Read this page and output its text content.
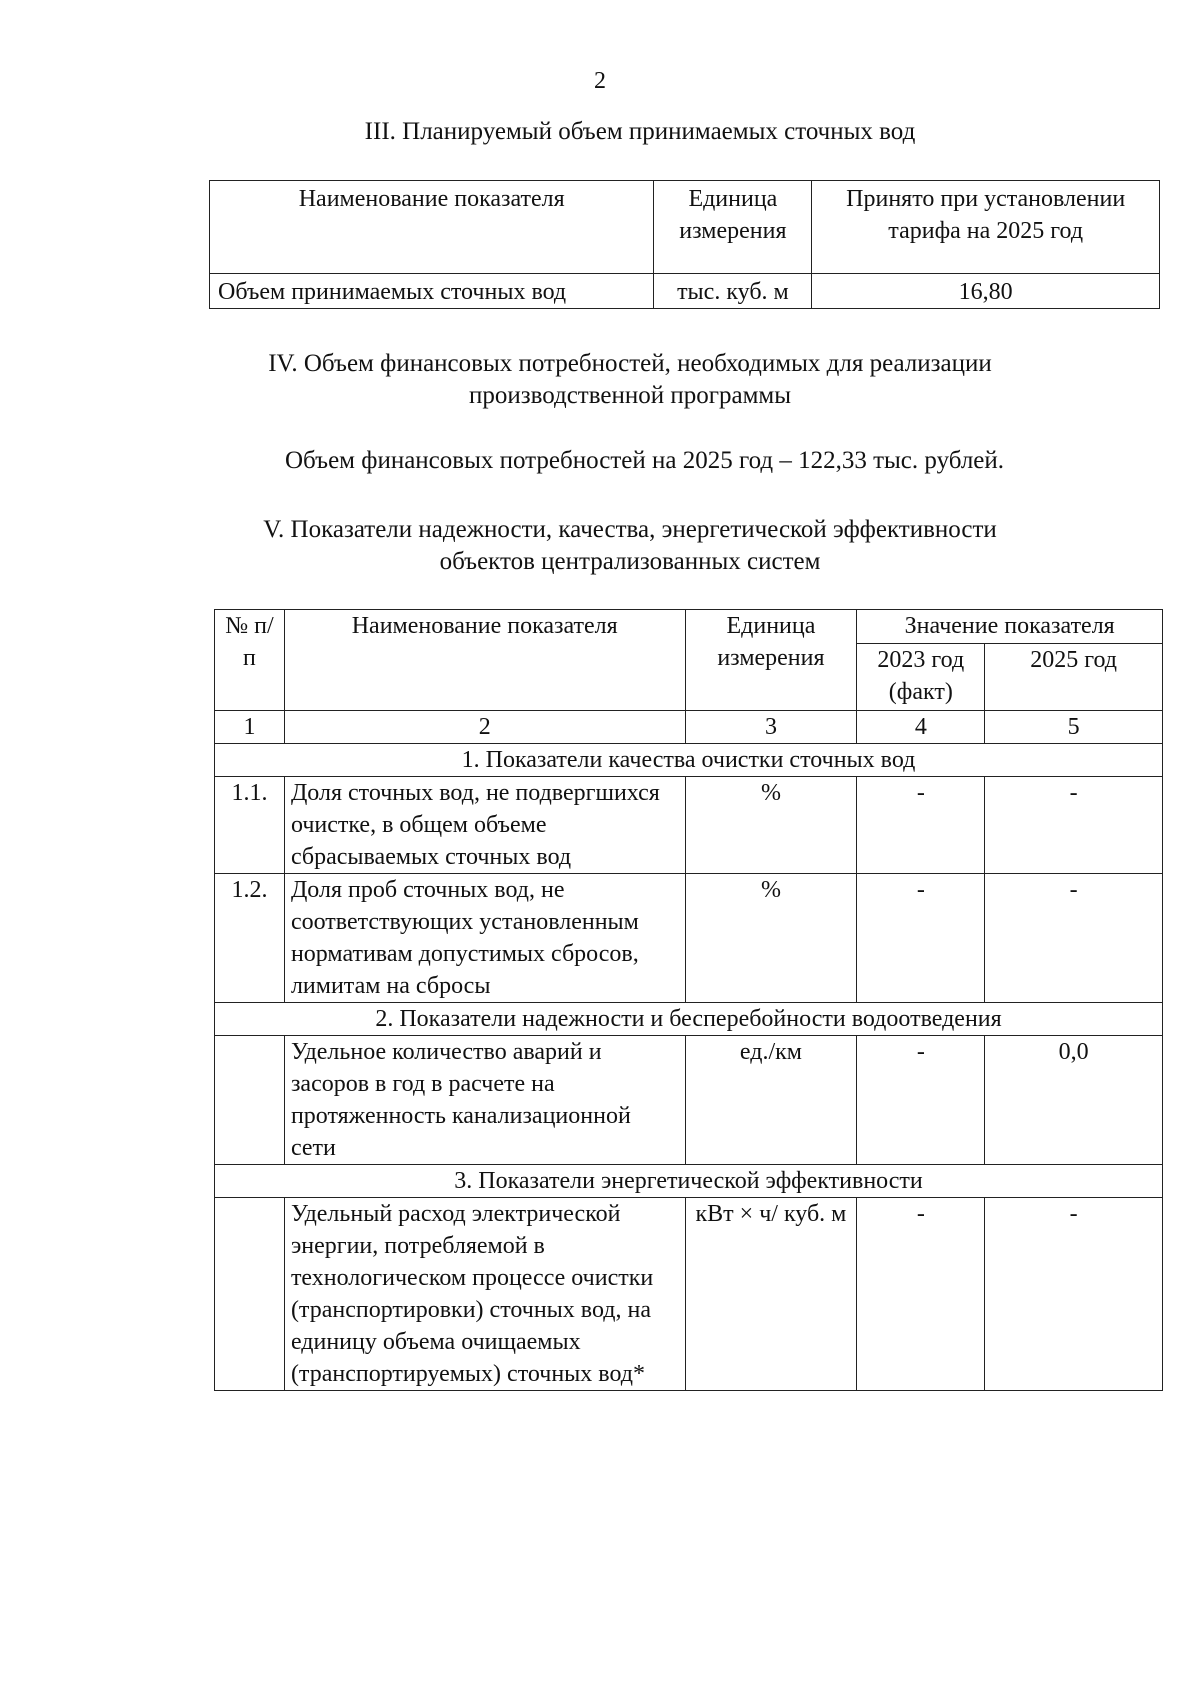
2
III. Планируемый объем принимаемых сточных вод
Наименование показателя	Единица измерения	Принято при установлении тарифа на 2025 год
Объем принимаемых сточных вод	тыс. куб. м	16,80
IV. Объем финансовых потребностей, необходимых для реализации
производственной программы
Объем финансовых потребностей на 2025 год – 122,33 тыс. рублей.
V. Показатели надежности, качества, энергетической эффективности
объектов централизованных систем
№ п/п	Наименование показателя	Единица измерения	Значение показателя	
			2023 год (факт)	2025 год
1	2	3	4	5
1. Показатели качества очистки сточных вод				
1.1.	Доля сточных вод, не подвергшихся очистке, в общем объеме сбрасываемых сточных вод	%	-	-
1.2.	Доля проб сточных вод, не соответствующих установленным нормативам допустимых сбросов, лимитам на сбросы	%	-	-
2. Показатели надежности и бесперебойности водоотведения				
	Удельное количество аварий и засоров в год в расчете на протяженность канализационной сети	ед./км	-	0,0
3. Показатели энергетической эффективности				
	Удельный расход электрической энергии, потребляемой в технологическом процессе очистки (транспортировки) сточных вод, на единицу объема очищаемых (транспортируемых) сточных вод*	кВт × ч/ куб. м	-	-
